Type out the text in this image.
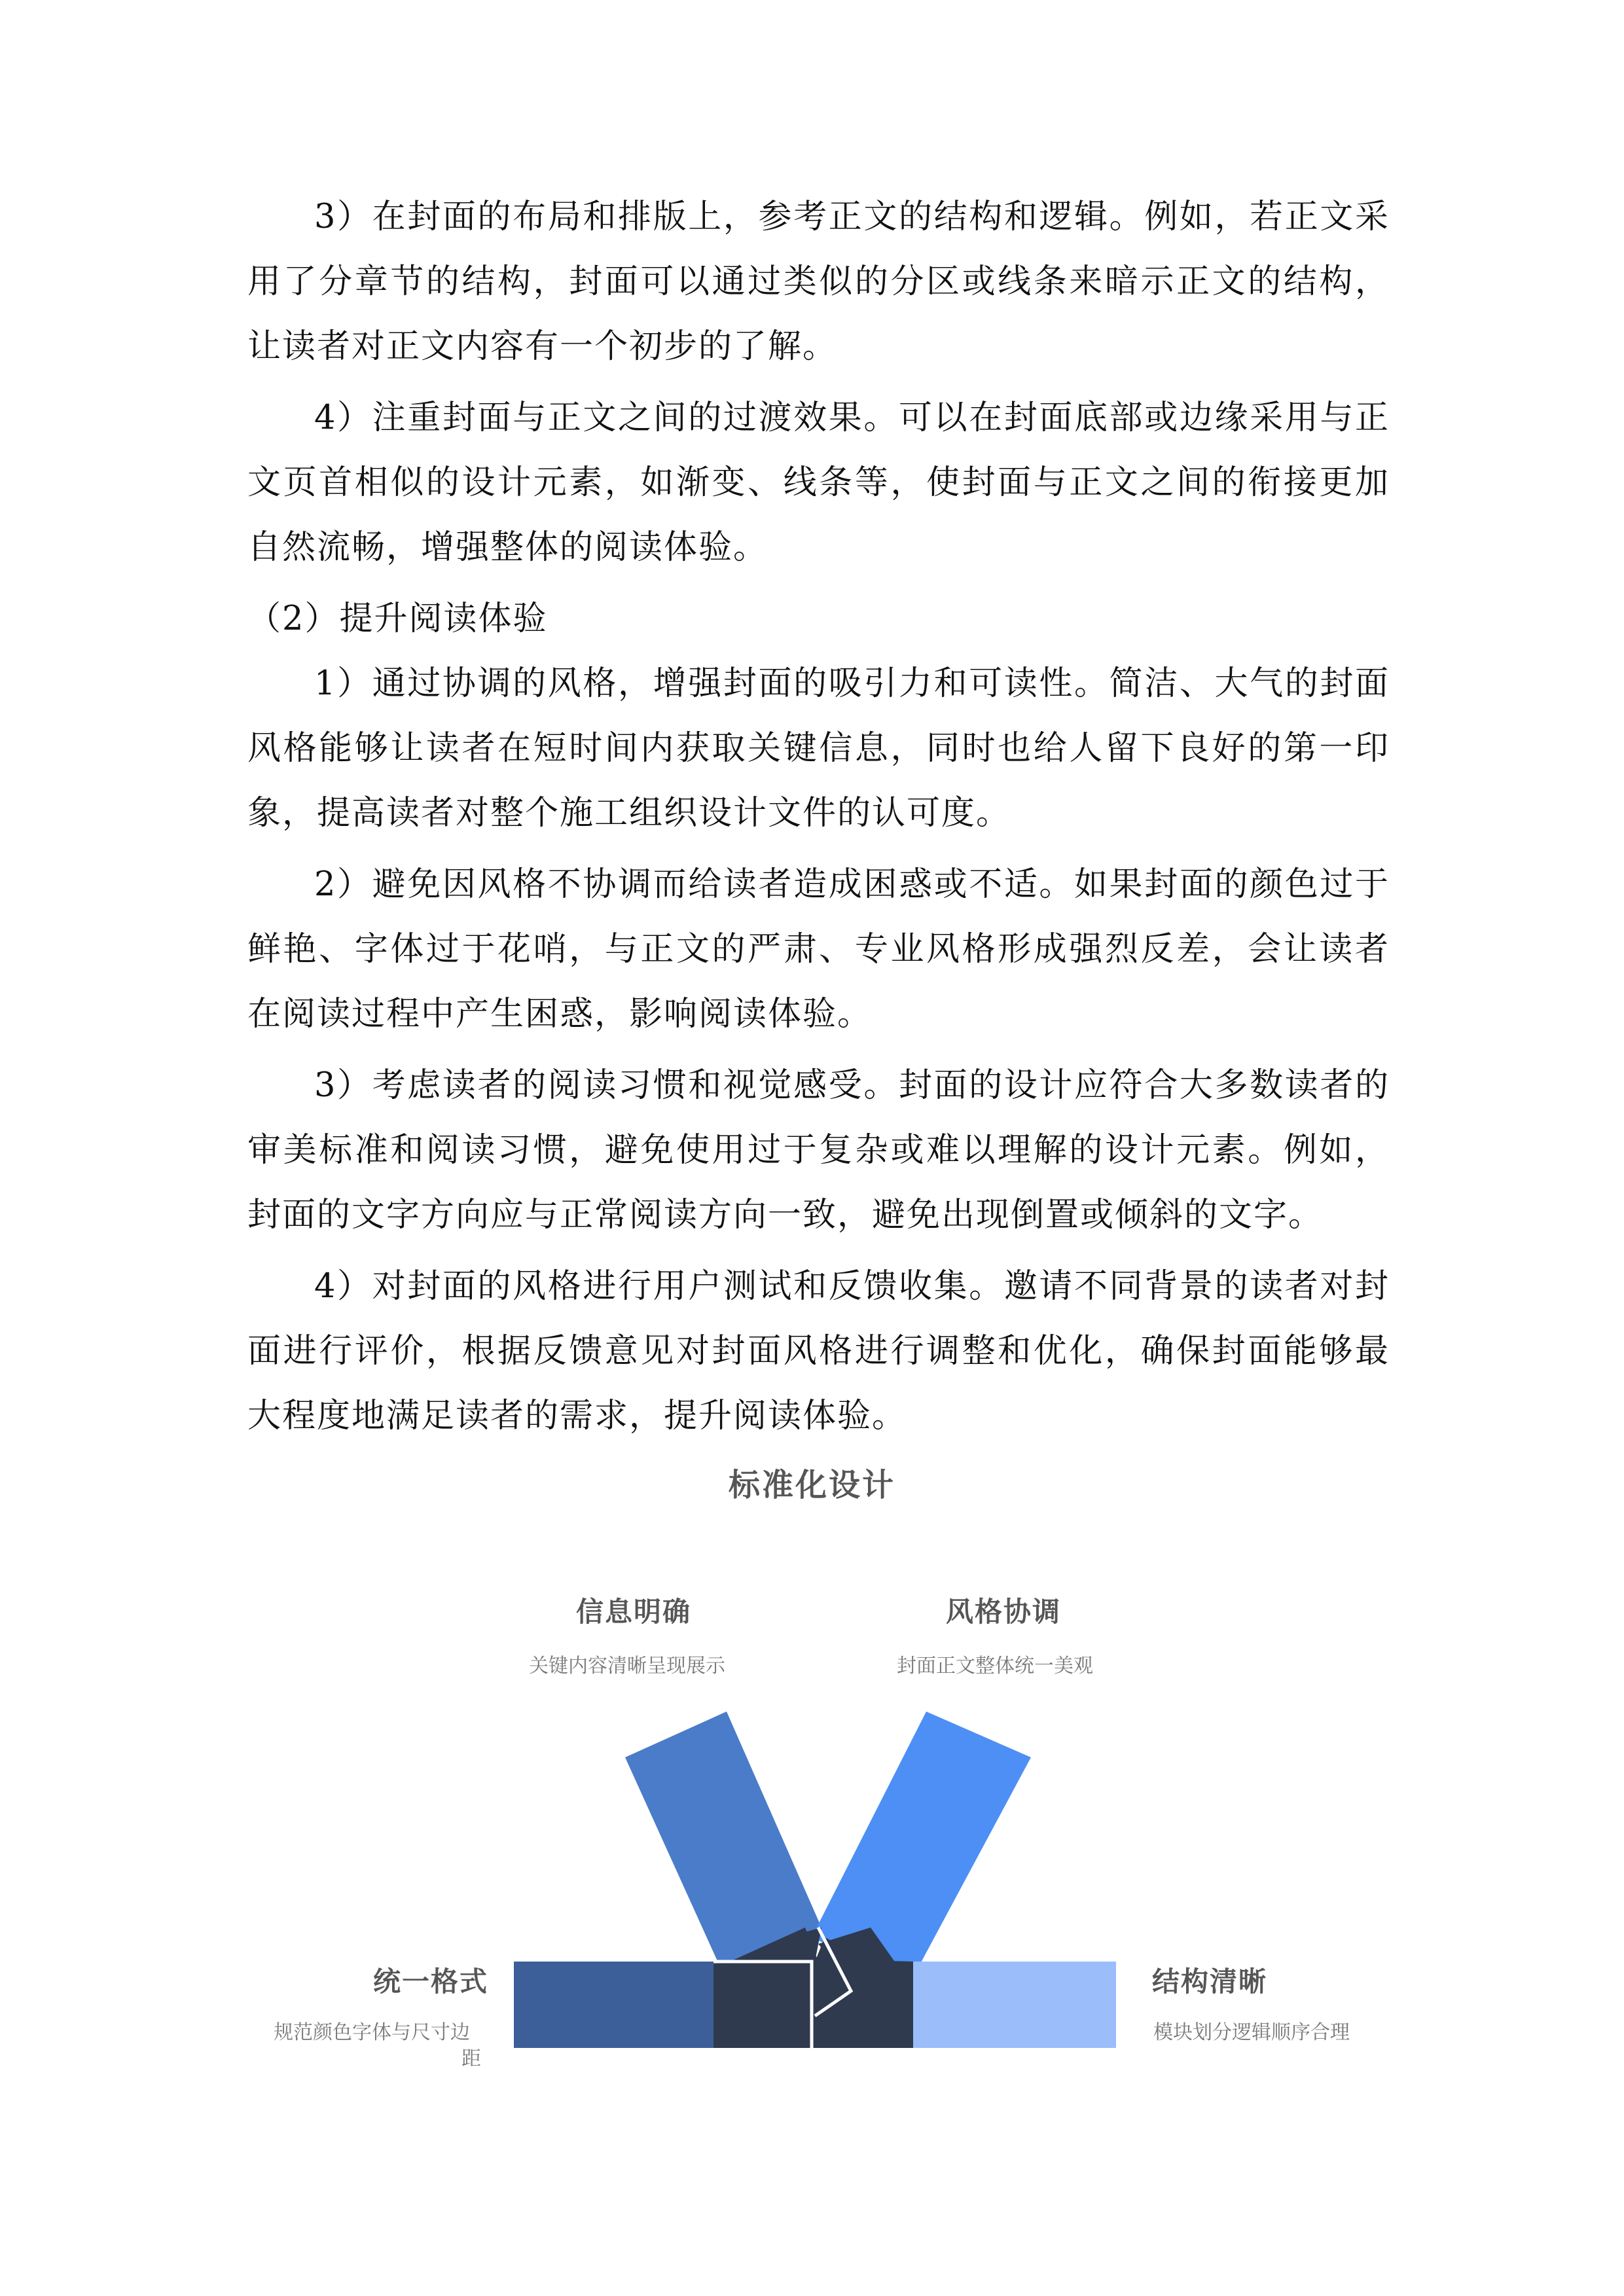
3）在封面的布局和排版上，参考正文的结构和逻辑。例如，若正文采用了分章节的结构，封面可以通过类似的分区或线条来暗示正文的结构，让读者对正文内容有一个初步的了解。

4）注重封面与正文之间的过渡效果。可以在封面底部或边缘采用与正文页首相似的设计元素，如渐变、线条等，使封面与正文之间的衔接更加自然流畅，增强整体的阅读体验。

（2）提升阅读体验

1）通过协调的风格，增强封面的吸引力和可读性。简洁、大气的封面风格能够让读者在短时间内获取关键信息，同时也给人留下良好的第一印象，提高读者对整个施工组织设计文件的认可度。

2）避免因风格不协调而给读者造成困惑或不适。如果封面的颜色过于鲜艳、字体过于花哨，与正文的严肃、专业风格形成强烈反差，会让读者在阅读过程中产生困惑，影响阅读体验。

3）考虑读者的阅读习惯和视觉感受。封面的设计应符合大多数读者的审美标准和阅读习惯，避免使用过于复杂或难以理解的设计元素。例如，封面的文字方向应与正常阅读方向一致，避免出现倒置或倾斜的文字。

4）对封面的风格进行用户测试和反馈收集。邀请不同背景的读者对封面进行评价，根据反馈意见对封面风格进行调整和优化，确保封面能够最大程度地满足读者的需求，提升阅读体验。

标准化设计
信息明确
关键内容清晰呈现展示
风格协调
封面正文整体统一美观
统一格式
规范颜色字体与尺寸边
距
结构清晰
模块划分逻辑顺序合理
